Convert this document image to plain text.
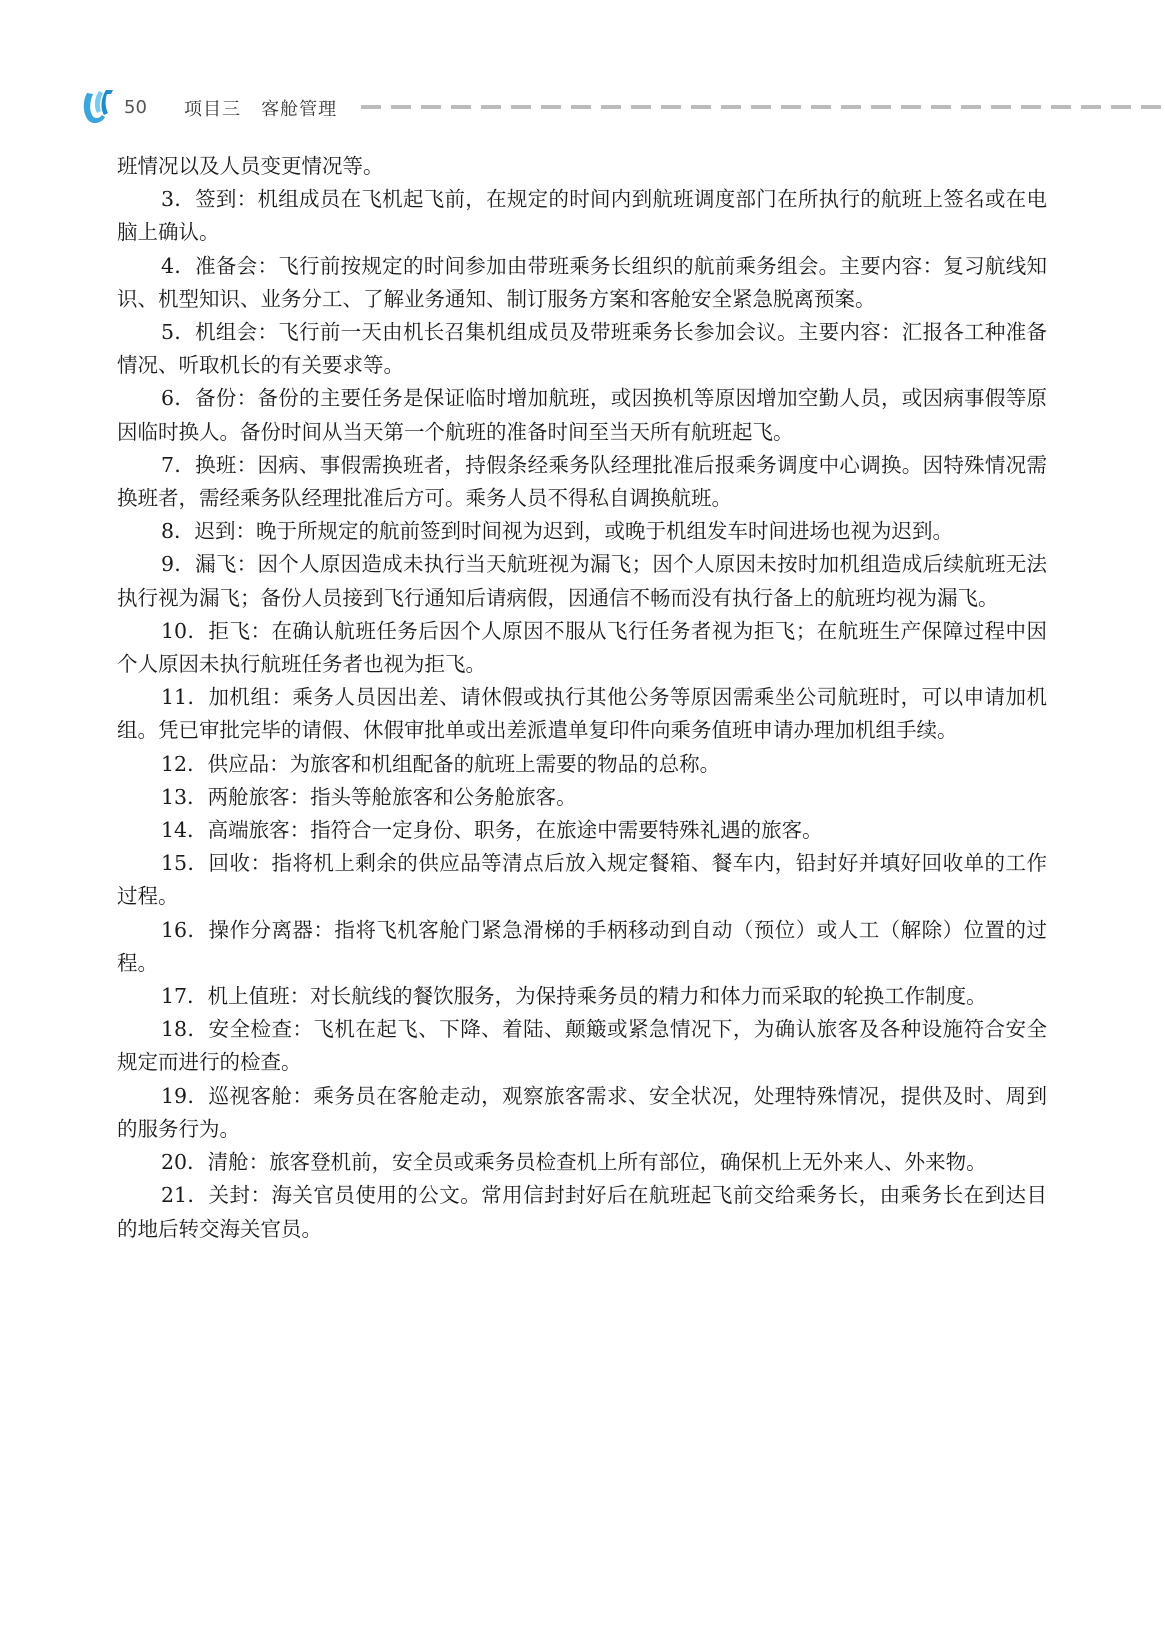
50 项目三   客舱管理

班情况以及人员变更情况等。

3．签到：机组成员在飞机起飞前，在规定的时间内到航班调度部门在所执行的航班上签名或在电脑上确认。

4．准备会：飞行前按规定的时间参加由带班乘务长组织的航前乘务组会。主要内容：复习航线知识、机型知识、业务分工、了解业务通知、制订服务方案和客舱安全紧急脱离预案。

5．机组会：飞行前一天由机长召集机组成员及带班乘务长参加会议。主要内容：汇报各工种准备情况、听取机长的有关要求等。

6．备份：备份的主要任务是保证临时增加航班，或因换机等原因增加空勤人员，或因病事假等原因临时换人。备份时间从当天第一个航班的准备时间至当天所有航班起飞。

7．换班：因病、事假需换班者，持假条经乘务队经理批准后报乘务调度中心调换。因特殊情况需换班者，需经乘务队经理批准后方可。乘务人员不得私自调换航班。

8．迟到：晚于所规定的航前签到时间视为迟到，或晚于机组发车时间进场也视为迟到。

9．漏飞：因个人原因造成未执行当天航班视为漏飞；因个人原因未按时加机组造成后续航班无法执行视为漏飞；备份人员接到飞行通知后请病假，因通信不畅而没有执行备上的航班均视为漏飞。

10．拒飞：在确认航班任务后因个人原因不服从飞行任务者视为拒飞；在航班生产保障过程中因个人原因未执行航班任务者也视为拒飞。

11．加机组：乘务人员因出差、请休假或执行其他公务等原因需乘坐公司航班时，可以申请加机组。凭已审批完毕的请假、休假审批单或出差派遣单复印件向乘务值班申请办理加机组手续。

12．供应品：为旅客和机组配备的航班上需要的物品的总称。

13．两舱旅客：指头等舱旅客和公务舱旅客。

14．高端旅客：指符合一定身份、职务，在旅途中需要特殊礼遇的旅客。

15．回收：指将机上剩余的供应品等清点后放入规定餐箱、餐车内，铅封好并填好回收单的工作过程。

16．操作分离器：指将飞机客舱门紧急滑梯的手柄移动到自动（预位）或人工（解除）位置的过程。

17．机上值班：对长航线的餐饮服务，为保持乘务员的精力和体力而采取的轮换工作制度。

18．安全检查：飞机在起飞、下降、着陆、颠簸或紧急情况下，为确认旅客及各种设施符合安全规定而进行的检查。

19．巡视客舱：乘务员在客舱走动，观察旅客需求、安全状况，处理特殊情况，提供及时、周到的服务行为。

20．清舱：旅客登机前，安全员或乘务员检查机上所有部位，确保机上无外来人、外来物。

21．关封：海关官员使用的公文。常用信封封好后在航班起飞前交给乘务长，由乘务长在到达目的地后转交海关官员。
